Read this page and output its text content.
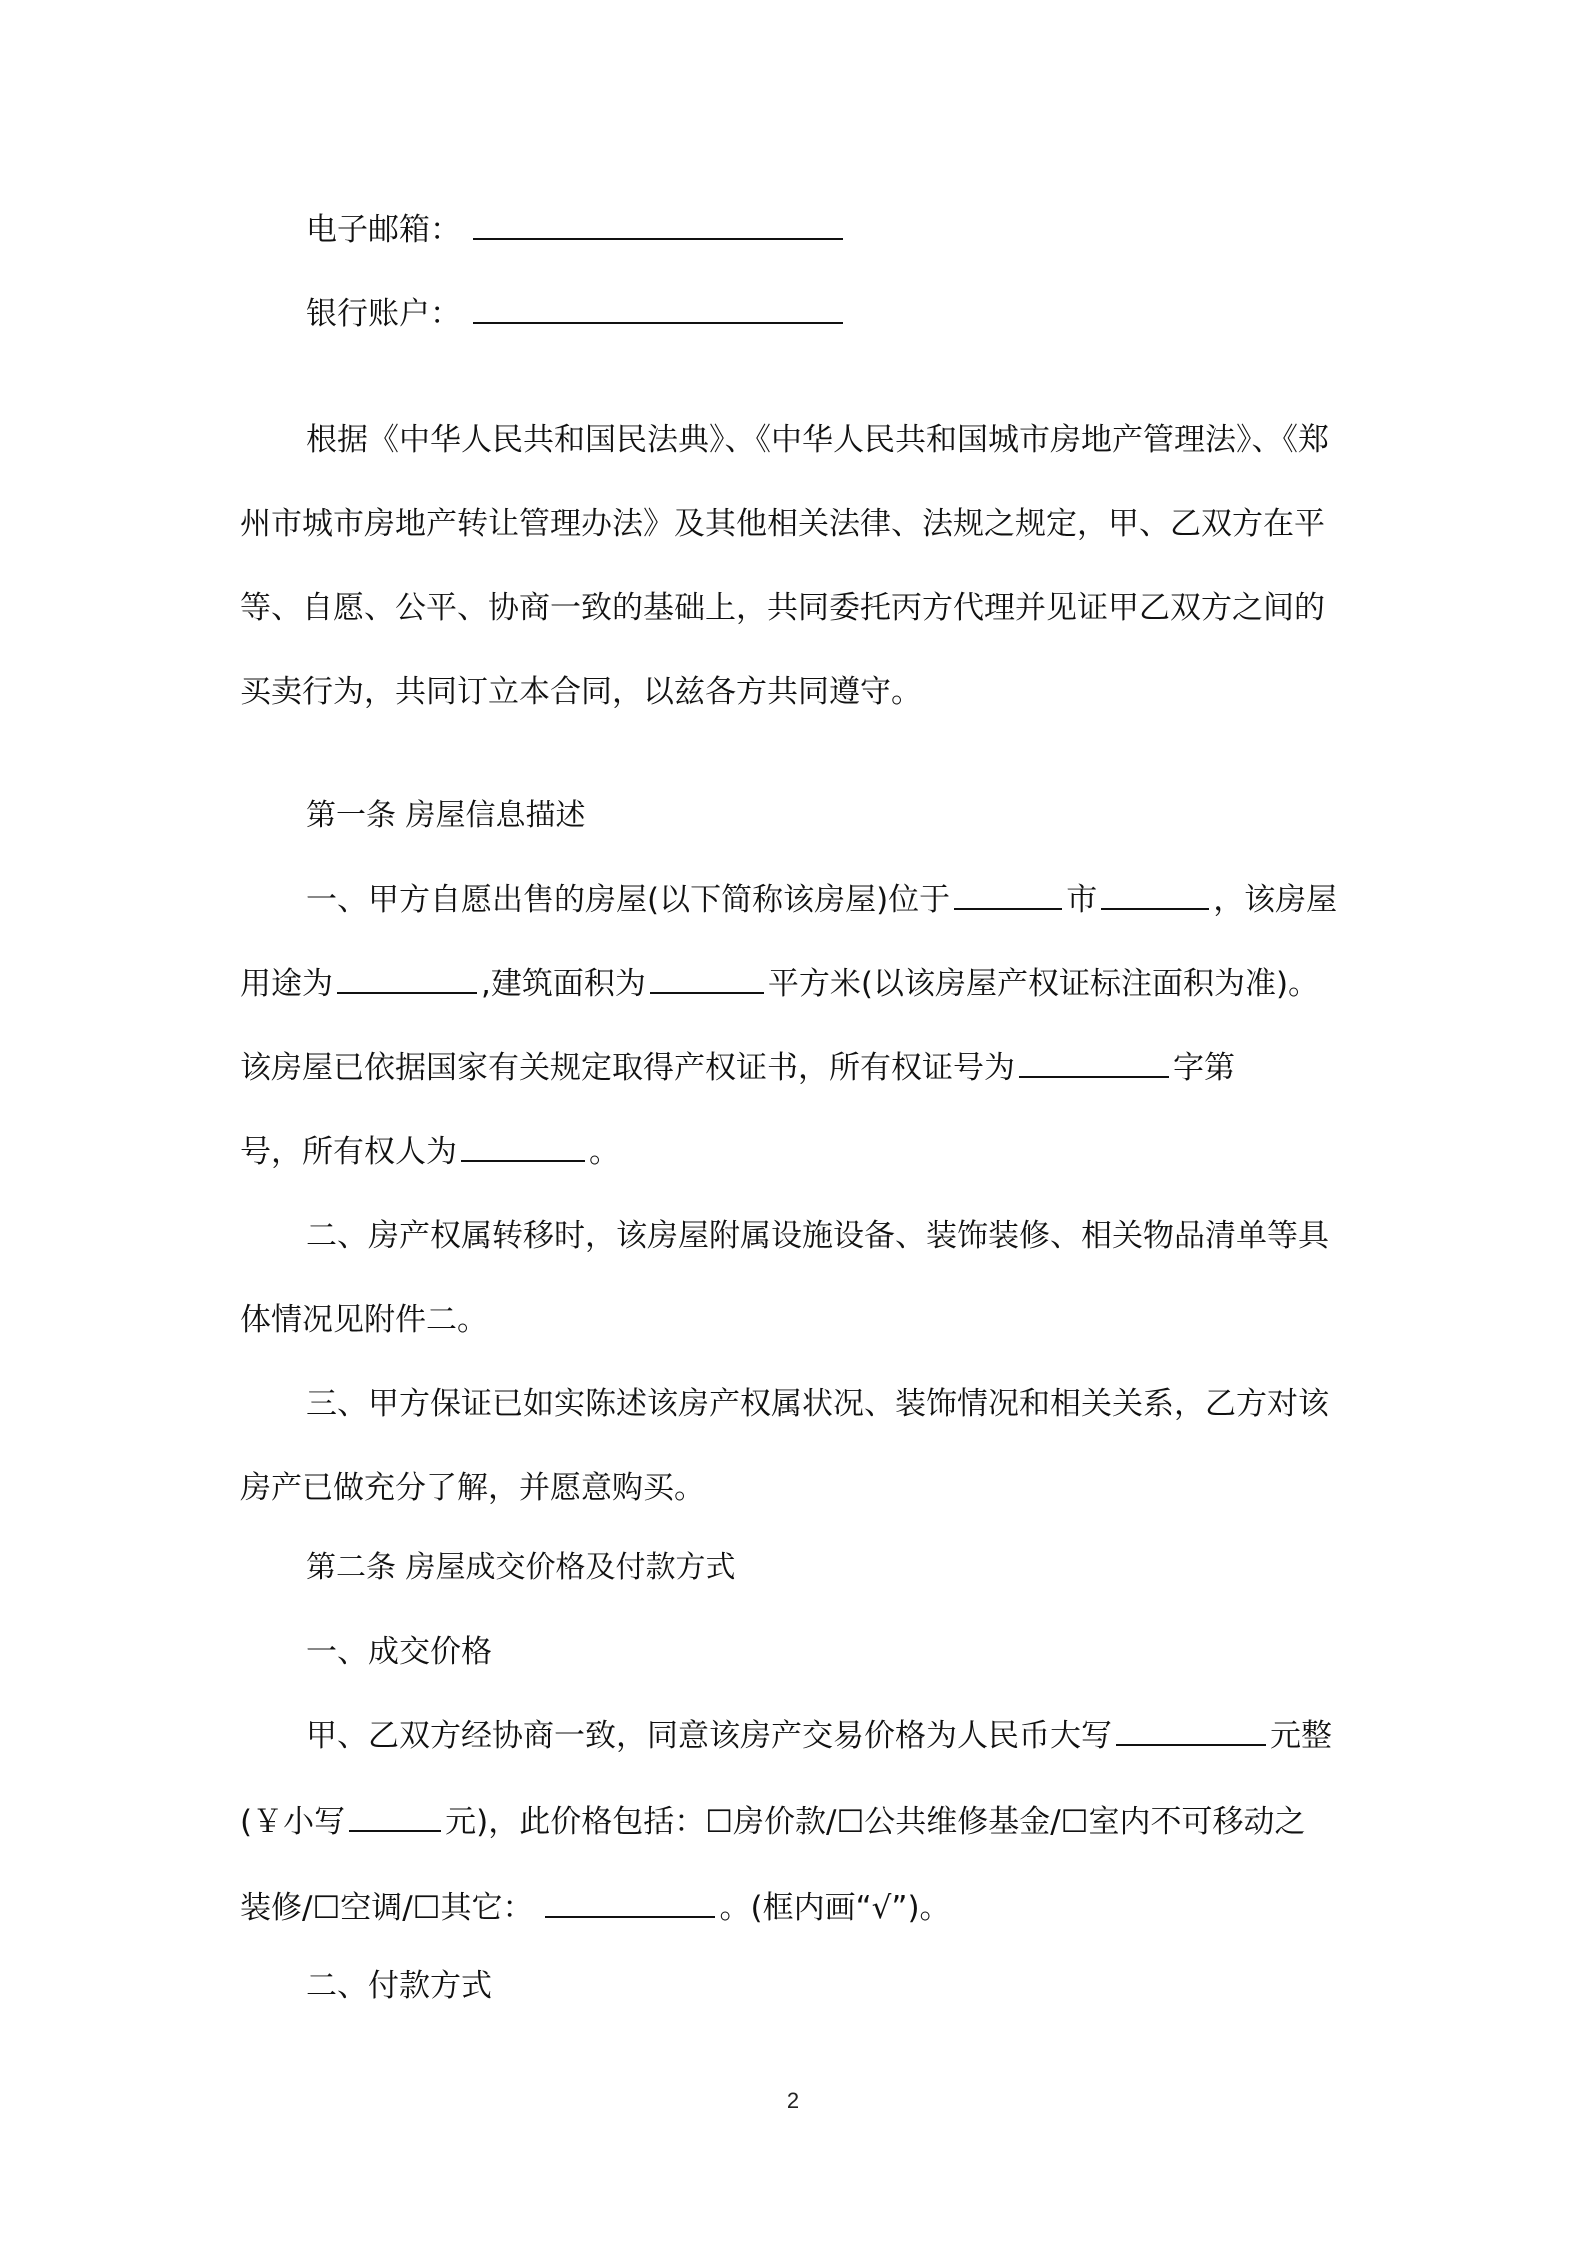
电子邮箱：
银行账户：
根据《中华人民共和国民法典》、《中华人民共和国城市房地产管理法》、《郑
州市城市房地产转让管理办法》及其他相关法律、法规之规定，甲、乙双方在平
等、自愿、公平、协商一致的基础上，共同委托丙方代理并见证甲乙双方之间的
买卖行为，共同订立本合同，以兹各方共同遵守。
第一条 房屋信息描述
一、甲方自愿出售的房屋(以下简称该房屋)位于	市	，该房屋
用途为	,建筑面积为	平方米(以该房屋产权证标注面积为准)。
该房屋已依据国家有关规定取得产权证书，所有权证号为	字第
号，所有权人为	。
二、房产权属转移时，该房屋附属设施设备、装饰装修、相关物品清单等具
体情况见附件二。
三、甲方保证已如实陈述该房产权属状况、装饰情况和相关关系，乙方对该
房产已做充分了解，并愿意购买。
第二条 房屋成交价格及付款方式
一、成交价格
甲、乙双方经协商一致，同意该房产交易价格为人民币大写	元整
(￥小写	元)，此价格包括：☐房价款/☐公共维修基金/☐室内不可移动之
装修/☐空调/☐其它：	。(框内画“√”)。
二、付款方式
2
